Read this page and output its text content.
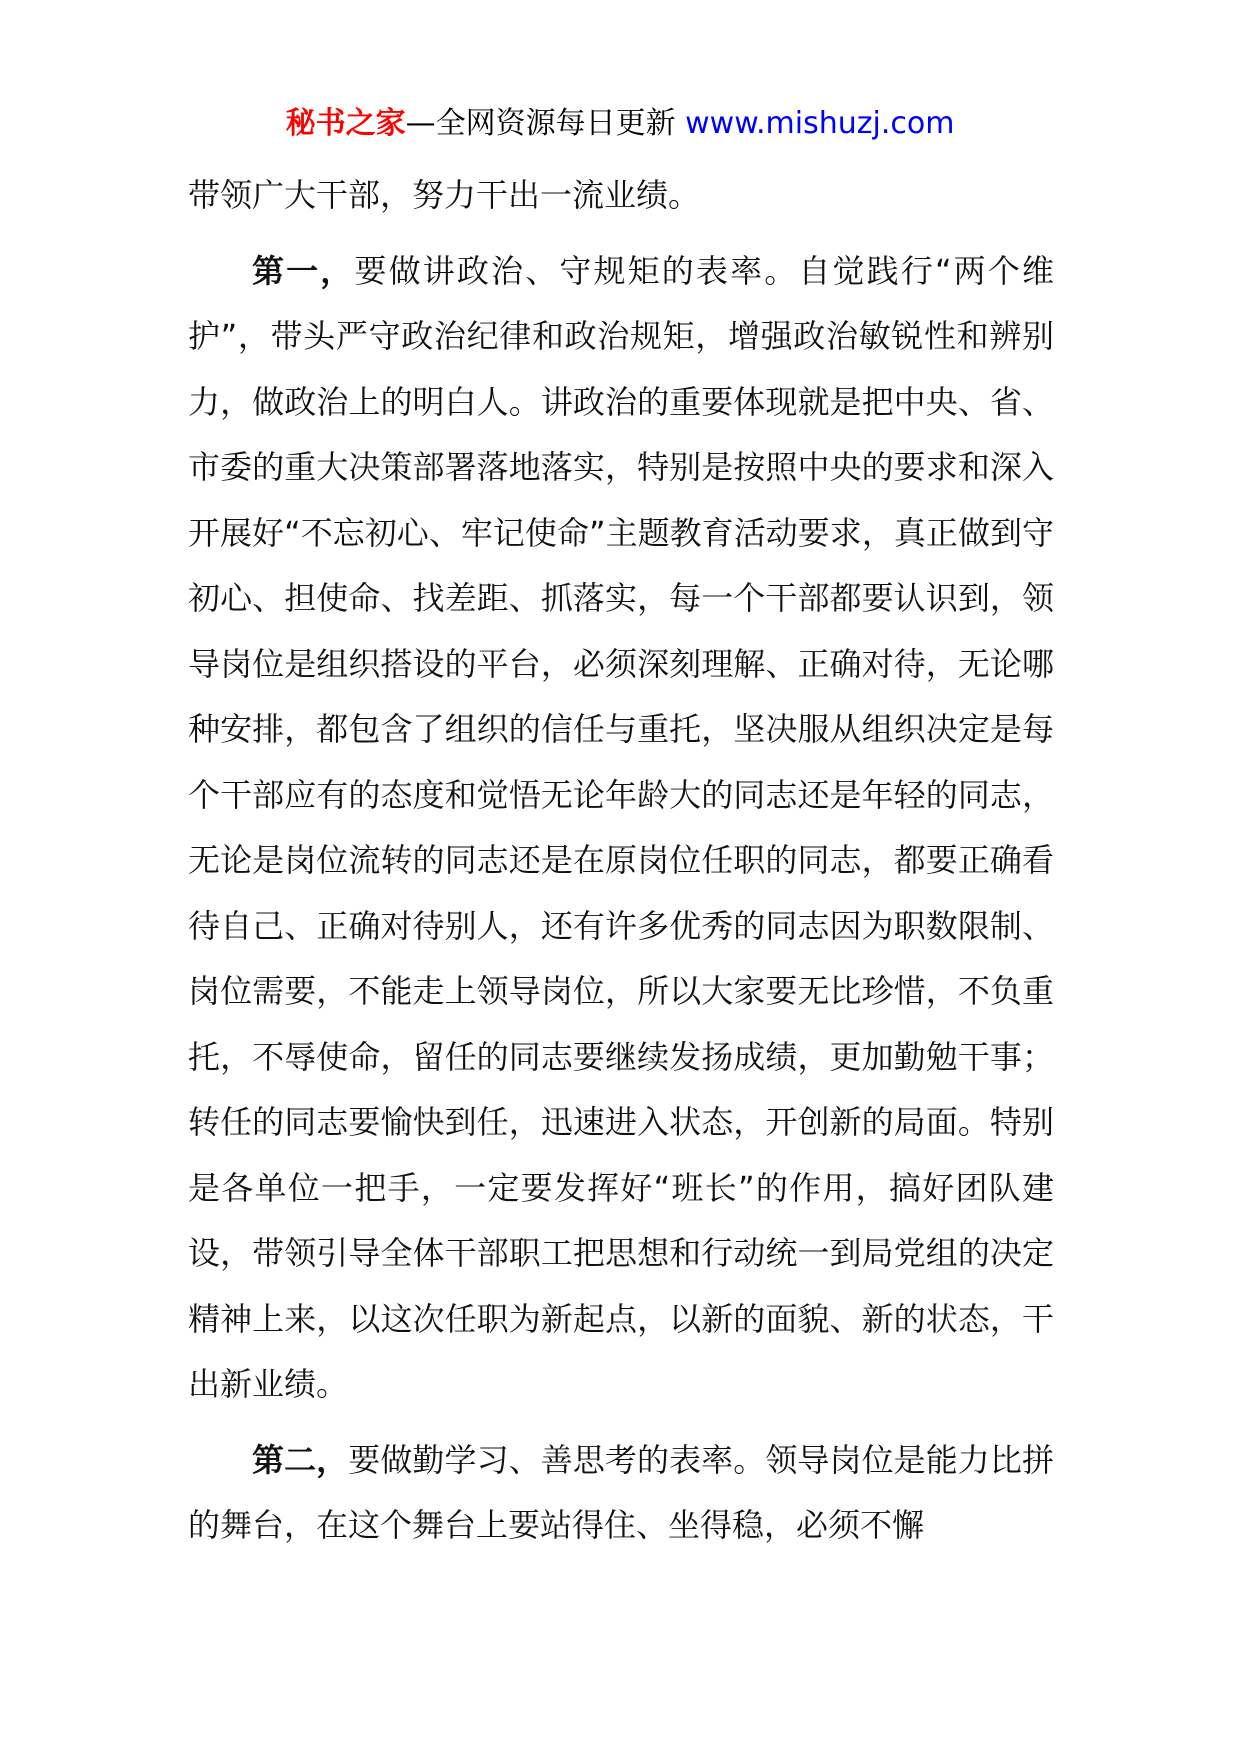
秘书之家—全网资源每日更新 www.mishuzj.com

带领广大干部，努力干出一流业绩。

第一，要做讲政治、守规矩的表率。自觉践行“两个维护”，带头严守政治纪律和政治规矩，增强政治敏锐性和辨别力，做政治上的明白人。讲政治的重要体现就是把中央、省、市委的重大决策部署落地落实，特别是按照中央的要求和深入开展好“不忘初心、牢记使命”主题教育活动要求，真正做到守初心、担使命、找差距、抓落实，每一个干部都要认识到，领导岗位是组织搭设的平台，必须深刻理解、正确对待，无论哪种安排，都包含了组织的信任与重托，坚决服从组织决定是每个干部应有的态度和觉悟无论年龄大的同志还是年轻的同志，无论是岗位流转的同志还是在原岗位任职的同志，都要正确看待自己、正确对待别人，还有许多优秀的同志因为职数限制、岗位需要，不能走上领导岗位，所以大家要无比珍惜，不负重托，不辱使命，留任的同志要继续发扬成绩，更加勤勉干事；转任的同志要愉快到任，迅速进入状态，开创新的局面。特别是各单位一把手，一定要发挥好“班长”的作用，搞好团队建设，带领引导全体干部职工把思想和行动统一到局党组的决定精神上来，以这次任职为新起点，以新的面貌、新的状态，干出新业绩。

第二，要做勤学习、善思考的表率。领导岗位是能力比拼的舞台，在这个舞台上要站得住、坐得稳，必须不懈
